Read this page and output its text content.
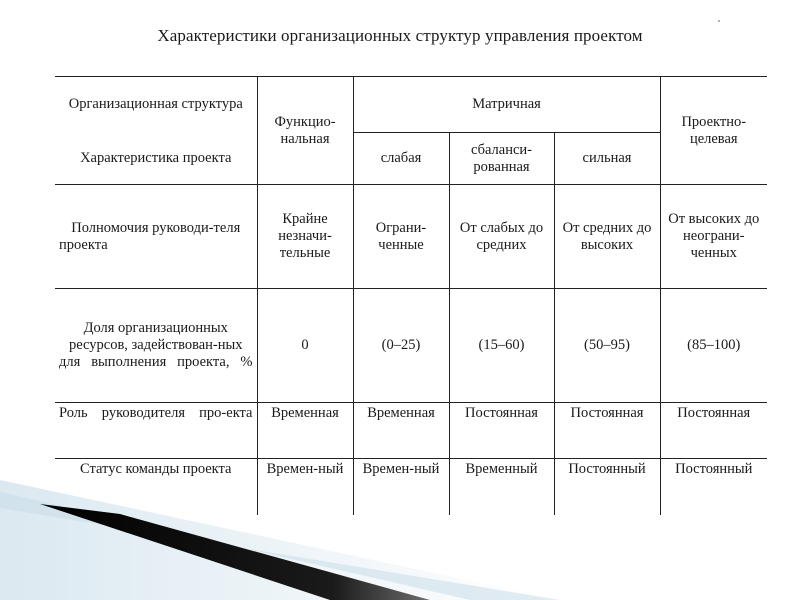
Характеристики организационных структур управления проектом
Организационная структура	Функцио-нальная	Матричная			Проектно-целевая
Характеристика проекта		слабая	сбаланси-рованная	сильная	
Полномочия руководи-теля проекта	Крайне незначи-тельные	Ограни-ченные	От слабых до средних	От средних до высоких	От высоких до неограни-ченных
Доля организационных ресурсов, задействован-ных для выполнения проекта, %	0	(0–25)	(15–60)	(50–95)	(85–100)
Роль руководителя про-екта	Временная	Временная	Постоянная	Постоянная	Постоянная
Статус команды проекта	Времен-ный	Времен-ный	Временный	Постоянный	Постоянный
